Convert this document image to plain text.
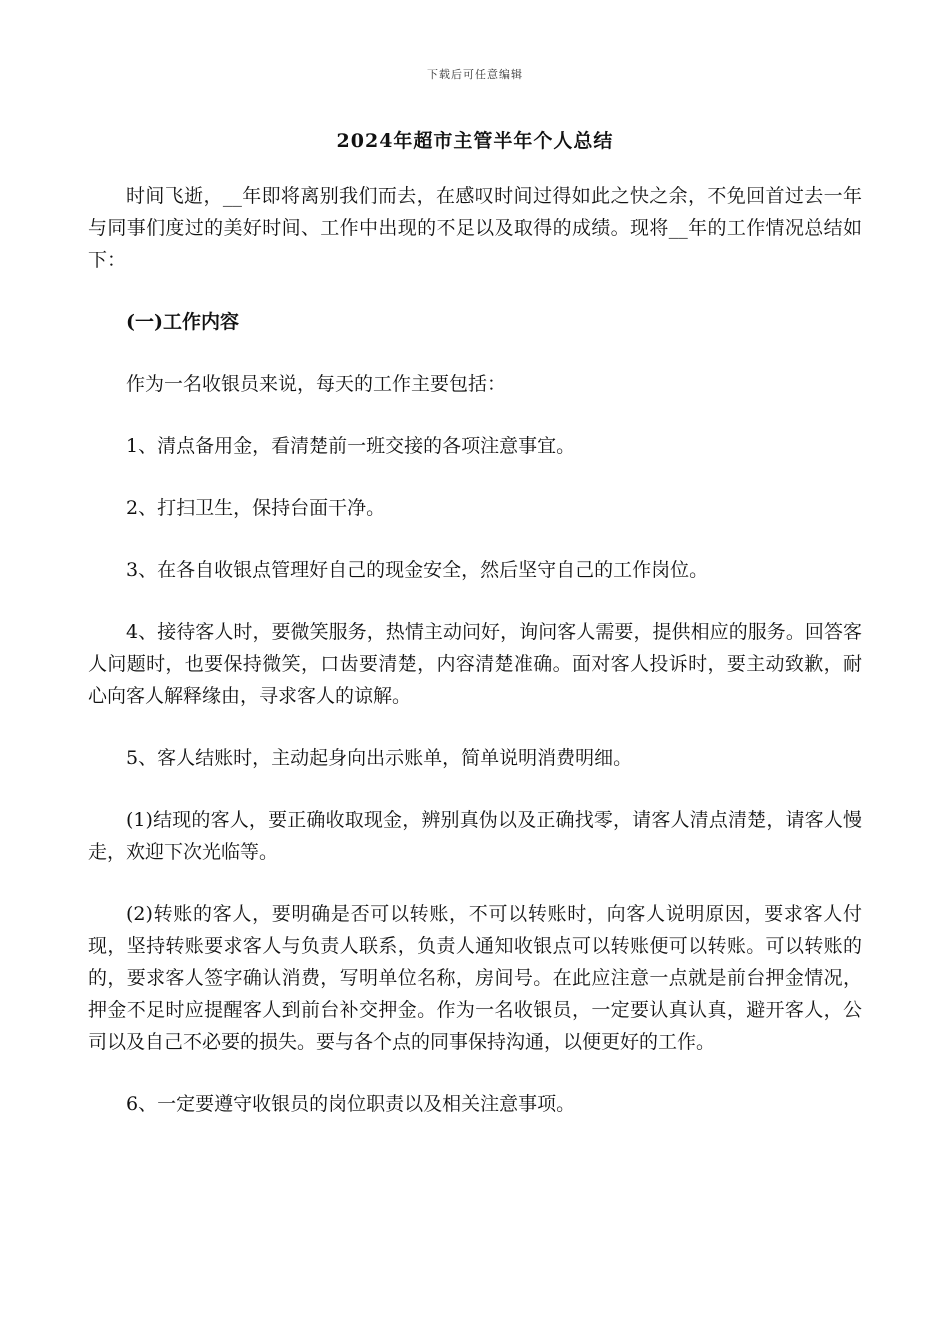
下载后可任意编辑
2024年超市主管半年个人总结

时间飞逝，__年即将离别我们而去，在感叹时间过得如此之快之余，不免回首过去一年与同事们度过的美好时间、工作中出现的不足以及取得的成绩。现将__年的工作情况总结如下：

(一)工作内容

作为一名收银员来说，每天的工作主要包括：

1、清点备用金，看清楚前一班交接的各项注意事宜。

2、打扫卫生，保持台面干净。

3、在各自收银点管理好自己的现金安全，然后坚守自己的工作岗位。

4、接待客人时，要微笑服务，热情主动问好，询问客人需要，提供相应的服务。回答客人问题时，也要保持微笑，口齿要清楚，内容清楚准确。面对客人投诉时，要主动致歉，耐心向客人解释缘由，寻求客人的谅解。

5、客人结账时，主动起身向出示账单，简单说明消费明细。

(1)结现的客人，要正确收取现金，辨别真伪以及正确找零，请客人清点清楚，请客人慢走，欢迎下次光临等。

(2)转账的客人，要明确是否可以转账，不可以转账时，向客人说明原因，要求客人付现，坚持转账要求客人与负责人联系，负责人通知收银点可以转账便可以转账。可以转账的的，要求客人签字确认消费，写明单位名称，房间号。在此应注意一点就是前台押金情况，押金不足时应提醒客人到前台补交押金。作为一名收银员，一定要认真认真，避开客人，公司以及自己不必要的损失。要与各个点的同事保持沟通，以便更好的工作。

6、一定要遵守收银员的岗位职责以及相关注意事项。
